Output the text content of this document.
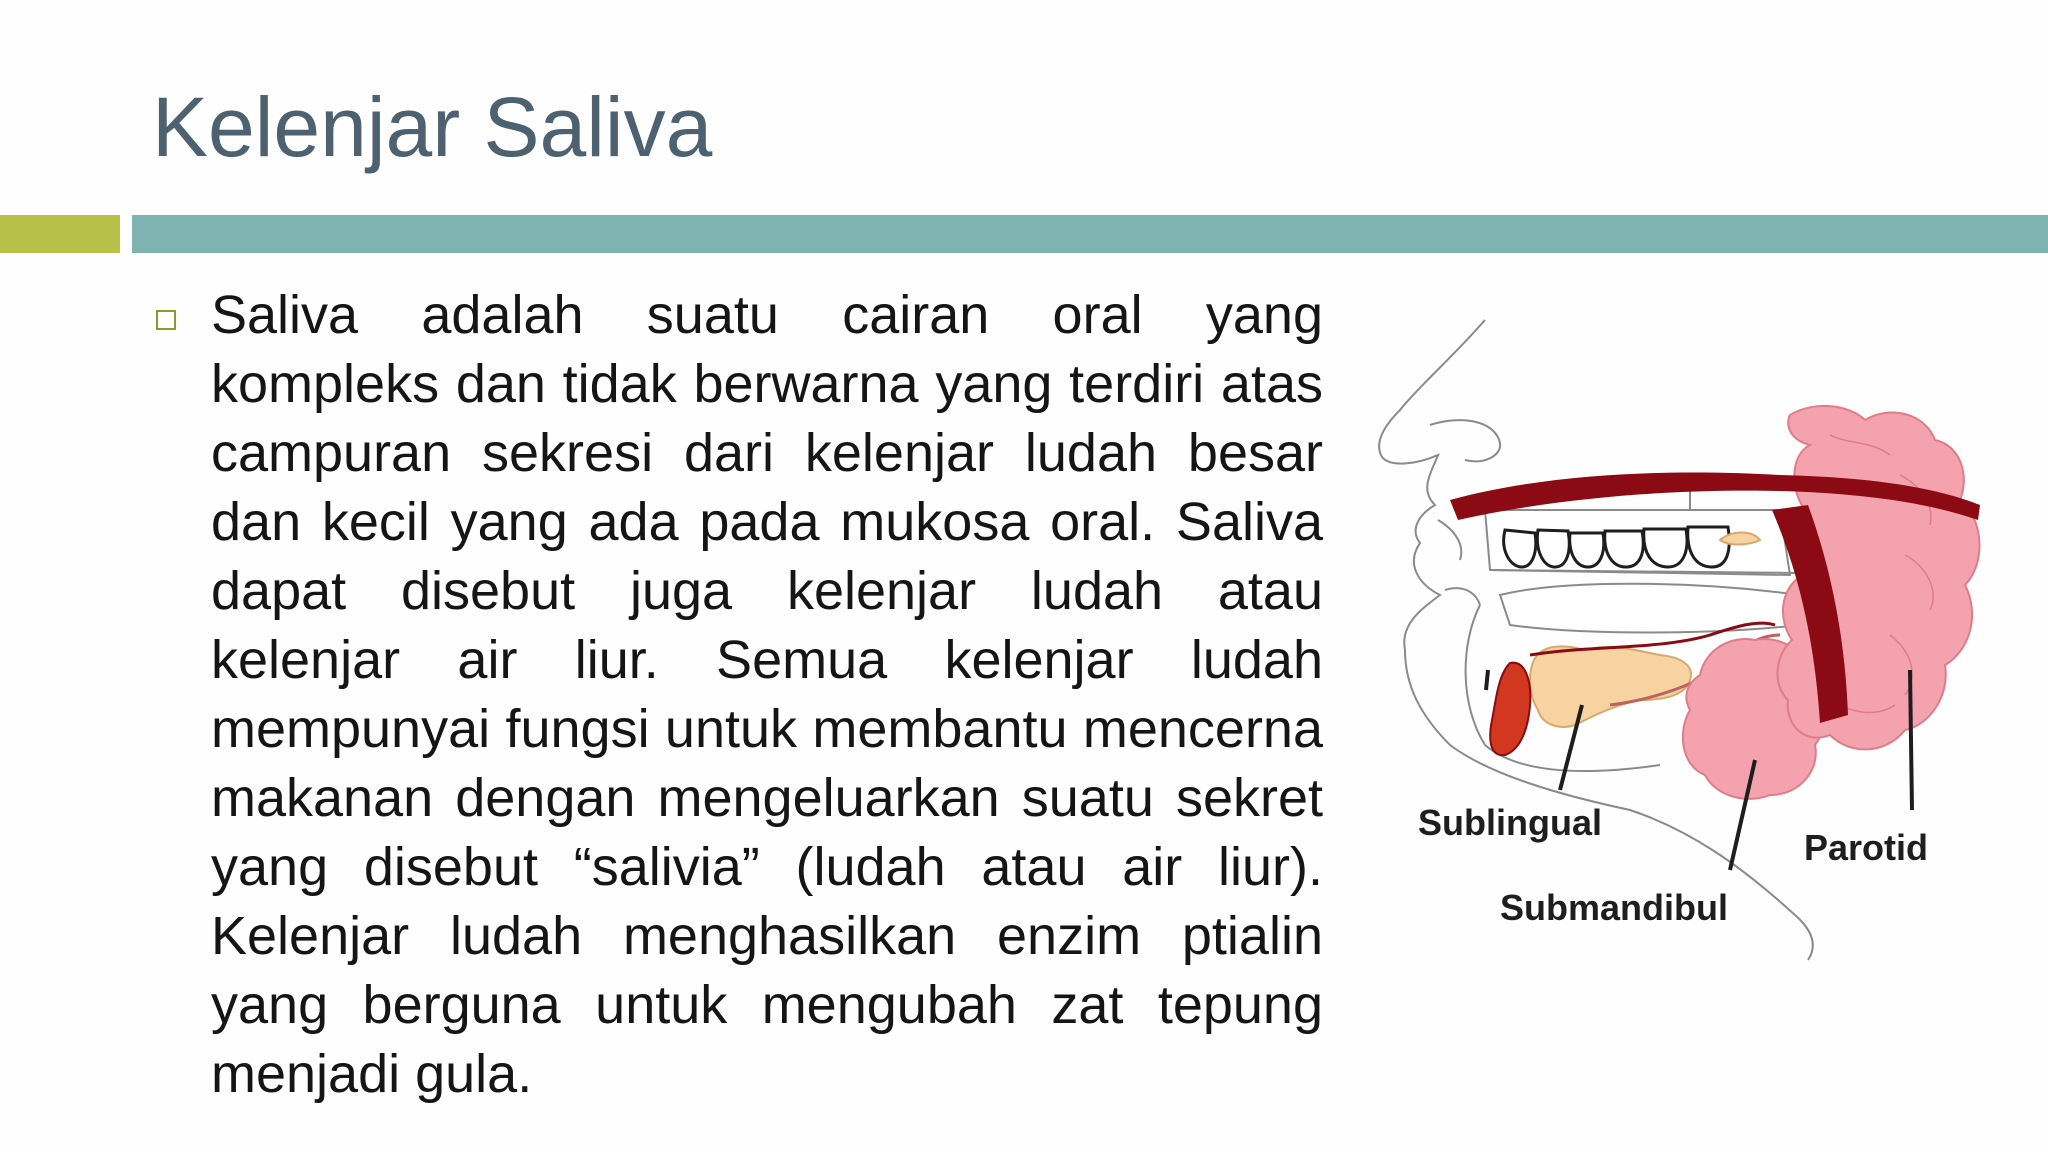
Kelenjar Saliva

Saliva adalah suatu cairan oral yang kompleks dan tidak berwarna yang terdiri atas campuran sekresi dari kelenjar ludah besar dan kecil yang ada pada mukosa oral. Saliva dapat disebut juga kelenjar ludah atau kelenjar air liur. Semua kelenjar ludah mempunyai fungsi untuk membantu mencerna makanan dengan mengeluarkan suatu sekret yang disebut “salivia” (ludah atau air liur). Kelenjar ludah menghasilkan enzim ptialin yang berguna untuk mengubah zat tepung menjadi gula.

Sublingual
Submandibul
Parotid
